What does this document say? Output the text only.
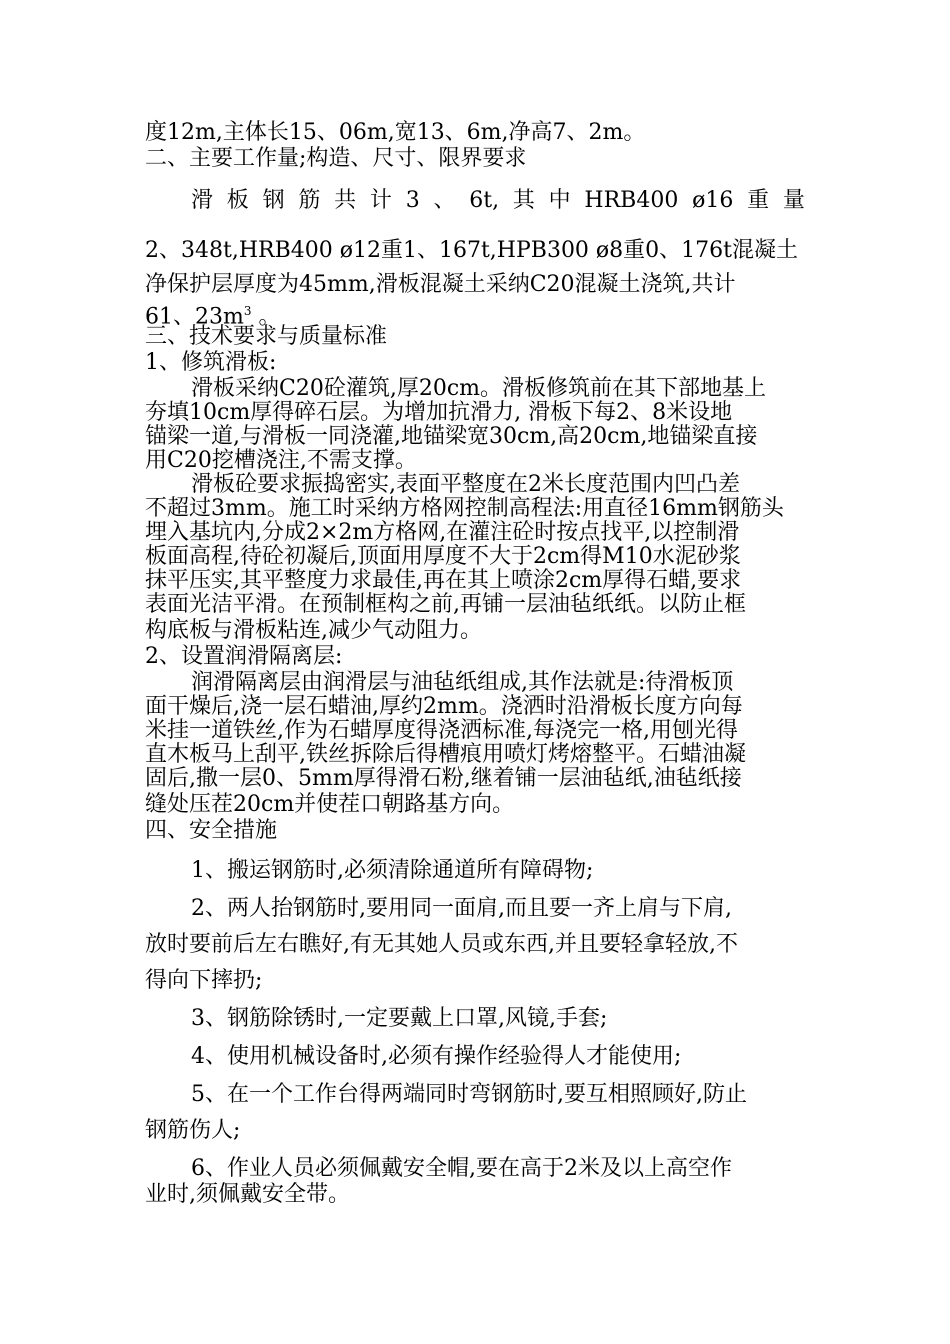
度12m,主体长15、06m,宽13、6m,净高7、2m。

二、主要工作量;构造、尺寸、限界要求

滑 板 钢 筋 共 计 3 、 6t, 其 中 HRB400 ø16 重 量

2、348t,HRB400 ø12重1、167t,HPB300 ø8重0、176t混凝土

净保护层厚度为45mm,滑板混凝土采纳C20混凝土浇筑,共计

61、$23m^3$ 。

三、技术要求与质量标准

1、修筑滑板:

滑板采纳C20砼灌筑,厚20cm。滑板修筑前在其下部地基上

夯填10cm厚得碎石层。为增加抗滑力, 滑板下每2、8米设地

锚梁一道,与滑板一同浇灌,地锚梁宽30cm,高20cm,地锚梁直接

用C20挖槽浇注,不需支撑。

滑板砼要求振捣密实,表面平整度在2米长度范围内凹凸差

不超过3mm。施工时采纳方格网控制高程法:用直径16mm钢筋头

埋入基坑内,分成2×2m方格网,在灌注砼时按点找平,以控制滑

板面高程,待砼初凝后,顶面用厚度不大于2cm得M10水泥砂浆

抹平压实,其平整度力求最佳,再在其上喷涂2cm厚得石蜡,要求

表面光洁平滑。在预制框构之前,再铺一层油毡纸纸。以防止框

构底板与滑板粘连,减少气动阻力。

2、设置润滑隔离层:

润滑隔离层由润滑层与油毡纸组成,其作法就是:待滑板顶

面干燥后,浇一层石蜡油,厚约2mm。浇洒时沿滑板长度方向每

米挂一道铁丝,作为石蜡厚度得浇洒标准,每浇完一格,用刨光得

直木板马上刮平,铁丝拆除后得槽痕用喷灯烤熔整平。石蜡油凝

固后,撒一层0、5mm厚得滑石粉,继着铺一层油毡纸,油毡纸接

缝处压茬20cm并使茬口朝路基方向。

四、安全措施

1、搬运钢筋时,必须清除通道所有障碍物;

2、两人抬钢筋时,要用同一面肩,而且要一齐上肩与下肩,

放时要前后左右瞧好,有无其她人员或东西,并且要轻拿轻放,不

得向下摔扔;

3、钢筋除锈时,一定要戴上口罩,风镜,手套;

4、使用机械设备时,必须有操作经验得人才能使用;

5、在一个工作台得两端同时弯钢筋时,要互相照顾好,防止

钢筋伤人;

6、作业人员必须佩戴安全帽,要在高于2米及以上高空作

业时,须佩戴安全带。
